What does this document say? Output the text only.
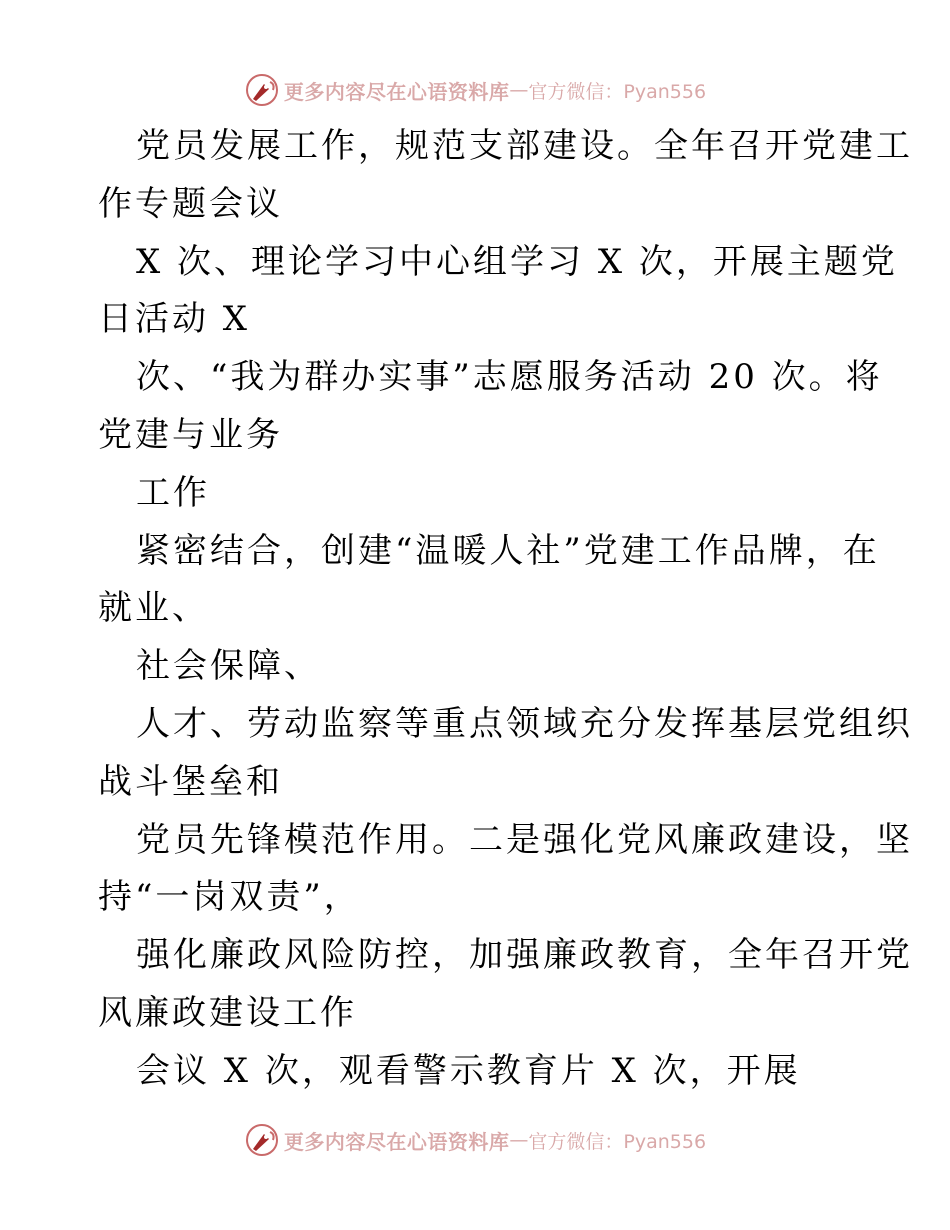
更多内容尽在心语资料库 — 官方微信：Pyan556
党员发展工作，规范支部建设。全年召开党建工
作专题会议
X 次、理论学习中心组学习 X 次，开展主题党
日活动 X
次、“我为群办实事”志愿服务活动 20 次。将
党建与业务
工作
紧密结合，创建“温暖人社”党建工作品牌，在
就业、
社会保障、
人才、劳动监察等重点领域充分发挥基层党组织
战斗堡垒和
党员先锋模范作用。二是强化党风廉政建设，坚
持“一岗双责”，
强化廉政风险防控，加强廉政教育，全年召开党
风廉政建设工作
会议 X 次，观看警示教育片 X 次，开展
更多内容尽在心语资料库 — 官方微信：Pyan556
